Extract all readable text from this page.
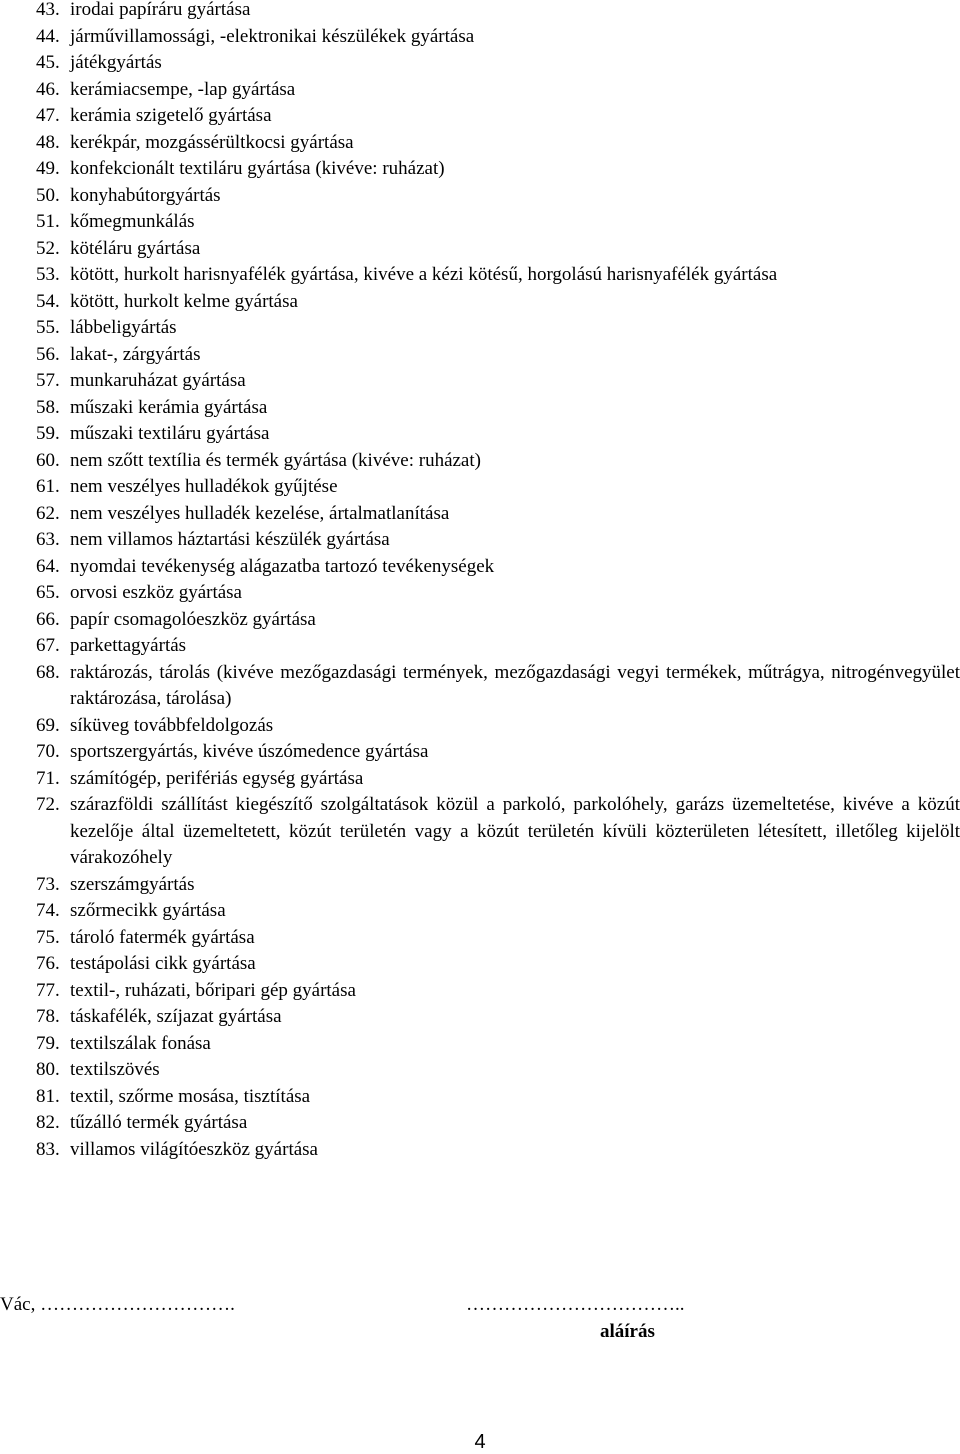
43. irodai papíráru gyártása
44. járművillamossági, -elektronikai készülékek gyártása
45. játékgyártás
46. kerámiacsempe, -lap gyártása
47. kerámia szigetelő gyártása
48. kerékpár, mozgássérültkocsi gyártása
49. konfekcionált textiláru gyártása (kivéve: ruházat)
50. konyhabútorgyártás
51. kőmegmunkálás
52. kötéláru gyártása
53. kötött, hurkolt harisnyafélék gyártása, kivéve a kézi kötésű, horgolású harisnyafélék gyártása
54. kötött, hurkolt kelme gyártása
55. lábbeligyártás
56. lakat-, zárgyártás
57. munkaruházat gyártása
58. műszaki kerámia gyártása
59. műszaki textiláru gyártása
60. nem szőtt textília és termék gyártása (kivéve: ruházat)
61. nem veszélyes hulladékok gyűjtése
62. nem veszélyes hulladék kezelése, ártalmatlanítása
63. nem villamos háztartási készülék gyártása
64. nyomdai tevékenység alágazatba tartozó tevékenységek
65. orvosi eszköz gyártása
66. papír csomagolóeszköz gyártása
67. parkettagyártás
68. raktározás, tárolás (kivéve mezőgazdasági termények, mezőgazdasági vegyi termékek, műtrágya, nitrogénvegyület raktározása, tárolása)
69. síküveg továbbfeldolgozás
70. sportszergyártás, kivéve úszómedence gyártása
71. számítógép, perifériás egység gyártása
72. szárazföldi szállítást kiegészítő szolgáltatások közül a parkoló, parkolóhely, garázs üzemeltetése, kivéve a közút kezelője által üzemeltetett, közút területén vagy a közút területén kívüli közterületen létesített, illetőleg kijelölt várakozóhely
73. szerszámgyártás
74. szőrmecikk gyártása
75. tároló fatermék gyártása
76. testápolási cikk gyártása
77. textil-, ruházati, bőripari gép gyártása
78. táskafélék, szíjazat gyártása
79. textilszálak fonása
80. textilszövés
81. textil, szőrme mosása, tisztítása
82. tűzálló termék gyártása
83. villamos világítóeszköz gyártása
Vác, ………………………….	……………………………..
aláírás
4
